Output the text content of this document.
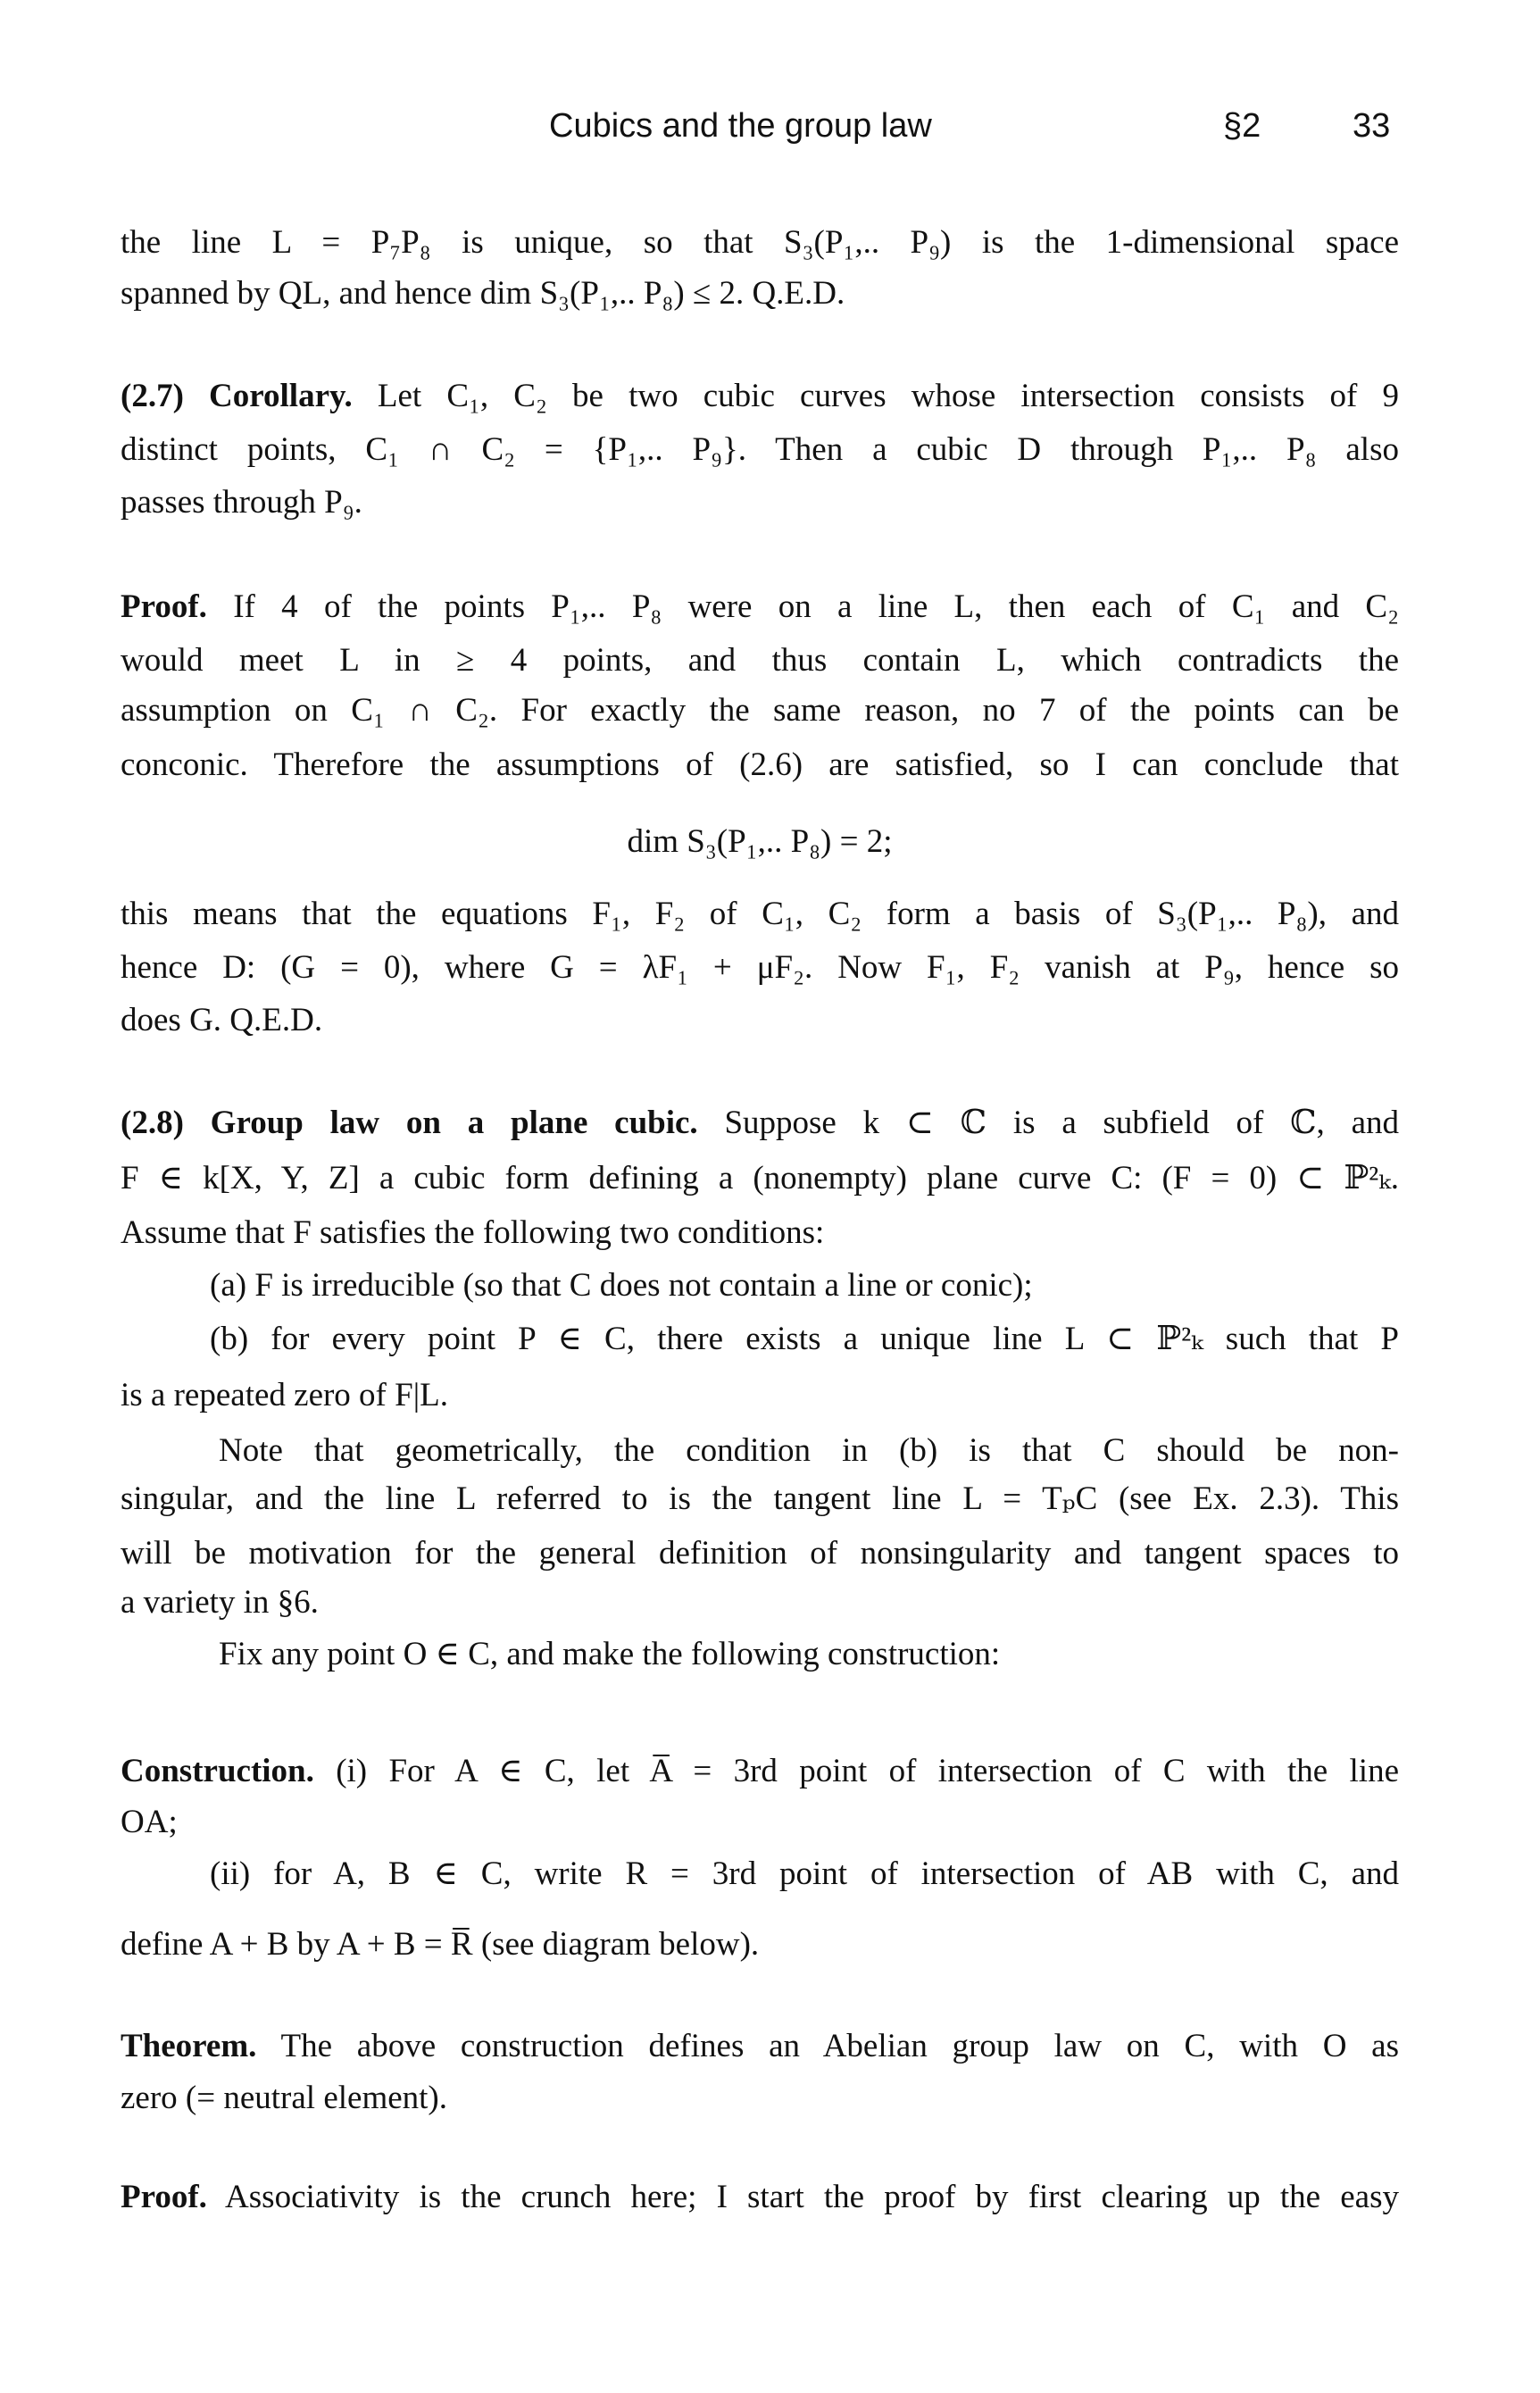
Cubics and the group law	§2	33
the line L = P₇P₈ is unique, so that S₃(P₁,.. P₉) is the 1-dimensional space
spanned by QL, and hence dim S₃(P₁,.. P₈) ≤ 2. Q.E.D.
(2.7) Corollary. Let C₁, C₂ be two cubic curves whose intersection consists of 9
distinct points, C₁ ∩ C₂ = {P₁,.. P₉}. Then a cubic D through P₁,.. P₈ also
passes through P₉.
Proof. If 4 of the points P₁,.. P₈ were on a line L, then each of C₁ and C₂
would meet L in ≥ 4 points, and thus contain L, which contradicts the
assumption on C₁ ∩ C₂. For exactly the same reason, no 7 of the points can be
conconic. Therefore the assumptions of (2.6) are satisfied, so I can conclude that
dim S₃(P₁,.. P₈) = 2;
this means that the equations F₁, F₂ of C₁, C₂ form a basis of S₃(P₁,.. P₈), and
hence D: (G = 0), where G = λF₁ + μF₂. Now F₁, F₂ vanish at P₉, hence so
does G. Q.E.D.
(2.8) Group law on a plane cubic. Suppose k ⊂ ℂ is a subfield of ℂ, and
F ∈ k[X, Y, Z] a cubic form defining a (nonempty) plane curve C: (F = 0) ⊂ ℙ²ₖ.
Assume that F satisfies the following two conditions:
(a) F is irreducible (so that C does not contain a line or conic);
(b) for every point P ∈ C, there exists a unique line L ⊂ ℙ²ₖ such that P
is a repeated zero of F|L.
Note that geometrically, the condition in (b) is that C should be non-
singular, and the line L referred to is the tangent line L = TₚC (see Ex. 2.3). This
will be motivation for the general definition of nonsingularity and tangent spaces to
a variety in §6.
Fix any point O ∈ C, and make the following construction:
Construction. (i) For A ∈ C, let A̅ = 3rd point of intersection of C with the line
OA;
(ii) for A, B ∈ C, write R = 3rd point of intersection of AB with C, and
define A + B by A + B = R̅ (see diagram below).
Theorem. The above construction defines an Abelian group law on C, with O as
zero (= neutral element).
Proof. Associativity is the crunch here; I start the proof by first clearing up the easy
